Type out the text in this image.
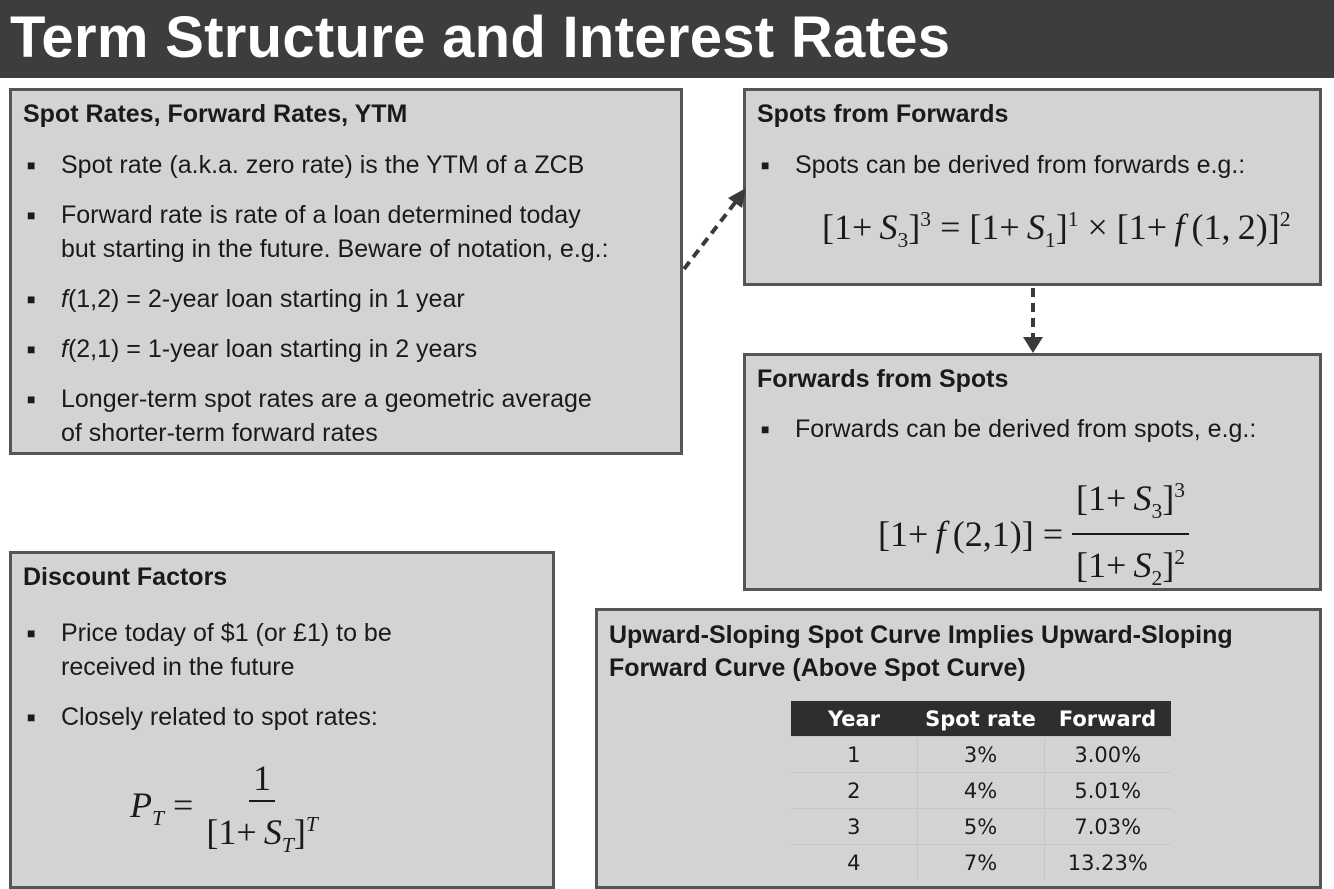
Term Structure and Interest Rates
Spot Rates, Forward Rates, YTM
■ Spot rate (a.k.a. zero rate) is the YTM of a ZCB
■ Forward rate is rate of a loan determined today
but starting in the future. Beware of notation, e.g.:
■ f(1,2) = 2-year loan starting in 1 year
■ f(2,1) = 1-year loan starting in 2 years
■ Longer-term spot rates are a geometric average
of shorter-term forward rates
Spots from Forwards
■ Spots can be derived from forwards e.g.:
$[1+ S_3]^3 = [1+ S_1]^1 \times [1+ f$ (1, 2)]$^2$
Forwards from Spots
■ Forwards can be derived from spots, e.g.:
[1+ f $(2,1)] = \frac{[1+ S_3]^3}{[1+ S_2]^2}$
Discount Factors
■ Price today of $1 (or £1) to be
received in the future
■ Closely related to spot rates:
$P_T = \frac{1}{[1+ S_T]^T}$
Upward-Sloping Spot Curve Implies Upward-Sloping
Forward Curve (Above Spot Curve)
Year	Spot rate	Forward
1	3%	3.00%
2	4%	5.01%
3	5%	7.03%
4	7%	13.23%
